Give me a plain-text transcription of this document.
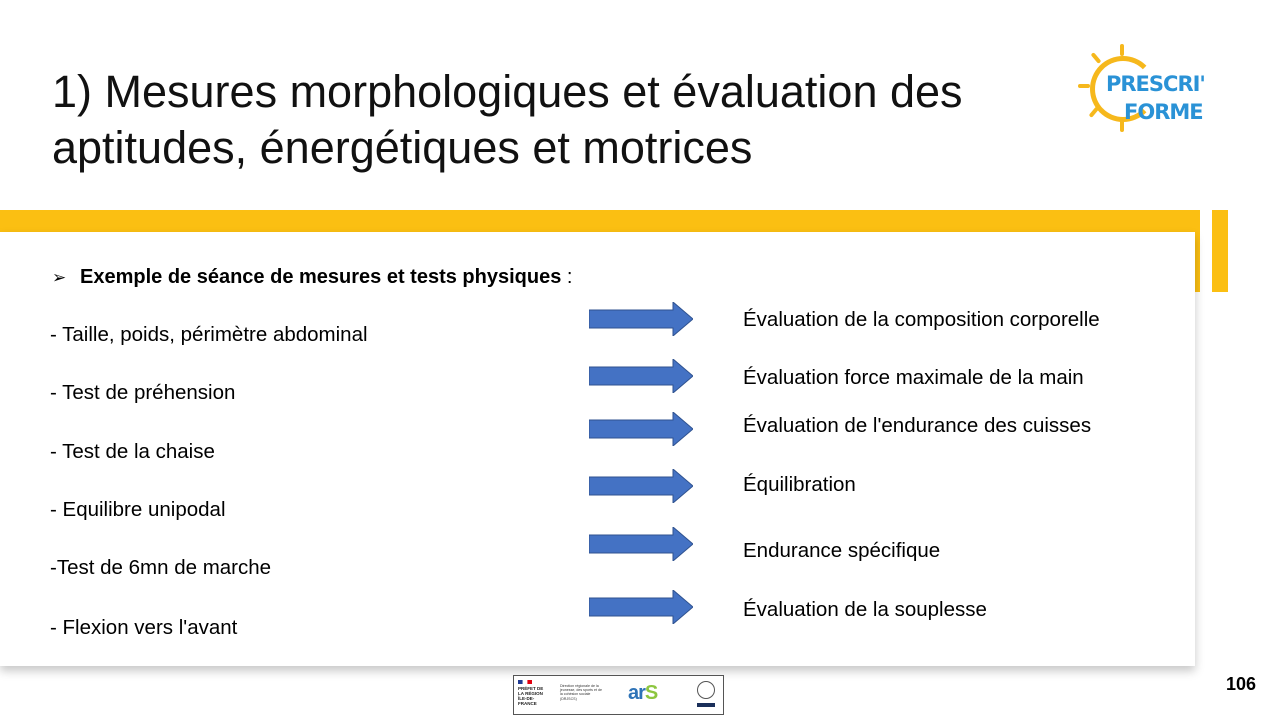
1) Mesures morphologiques et évaluation des aptitudes, énergétiques et motrices
PRESCRI'
FORME
➢ Exemple de séance de mesures et tests physiques :
- Taille, poids, périmètre abdominal
- Test de préhension
- Test de la chaise
- Equilibre unipodal
-Test de 6mn de marche
- Flexion vers l'avant
Évaluation de la composition corporelle
Évaluation force maximale de la main
Évaluation de l'endurance des cuisses
Équilibration
Endurance spécifique
Évaluation de la souplesse
PRÉFET DE LA RÉGION ÎLE-DE-FRANCE
Direction régionale de la jeunesse, des sports et de la cohésion sociale (DRJSCS)	arS	106
